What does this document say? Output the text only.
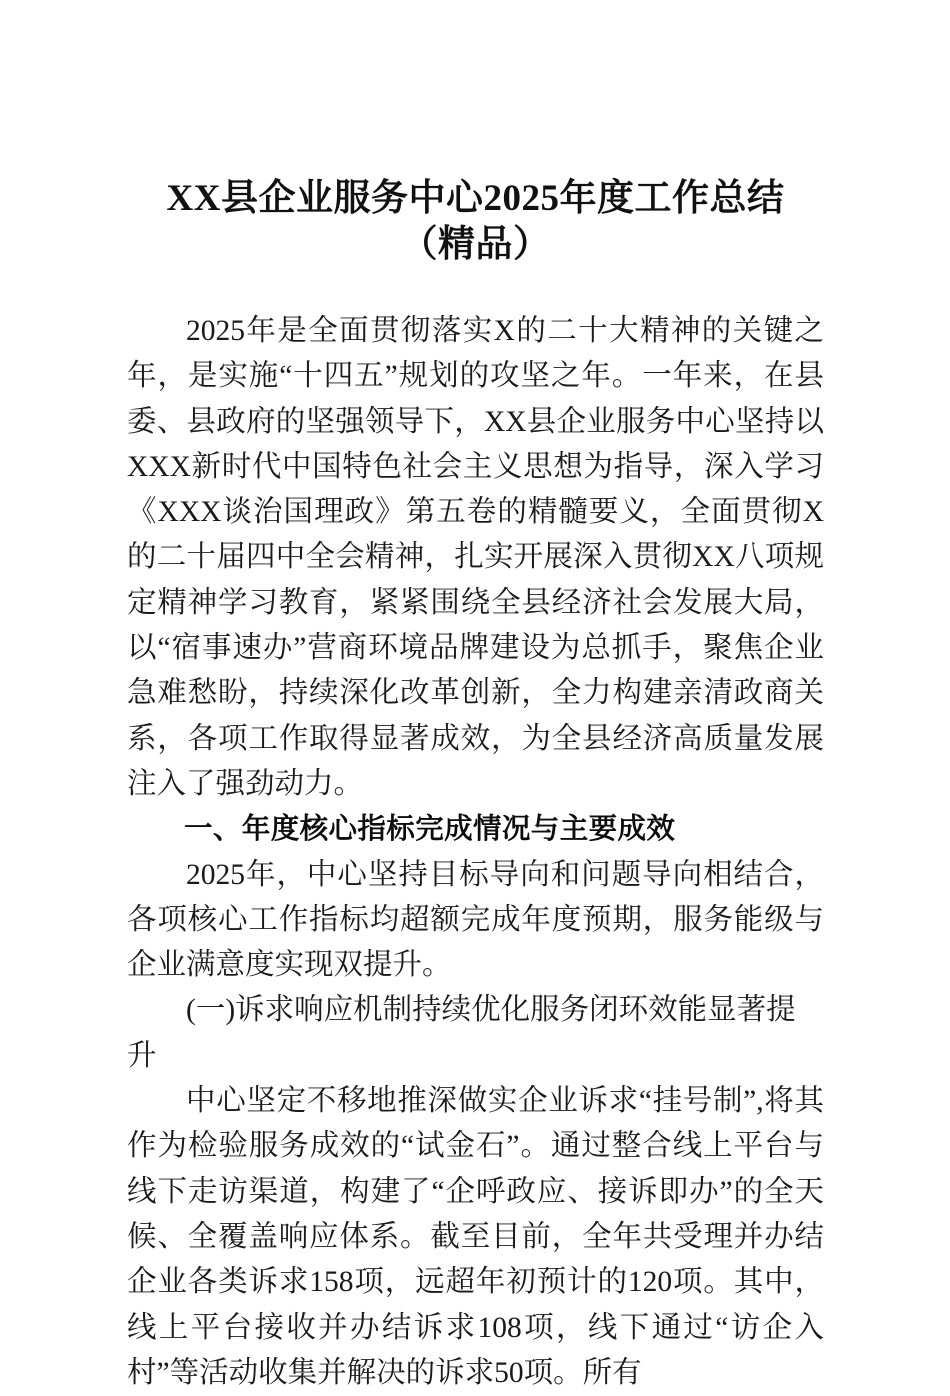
XX县企业服务中心2025年度工作总结
（精品）

2025年是全面贯彻落实X的二十大精神的关键之年，是实施“十四五”规划的攻坚之年。一年来，在县委、县政府的坚强领导下，XX县企业服务中心坚持以XXX新时代中国特色社会主义思想为指导，深入学习《XXX谈治国理政》第五卷的精髓要义，全面贯彻X的二十届四中全会精神，扎实开展深入贯彻XX八项规定精神学习教育，紧紧围绕全县经济社会发展大局，以“宿事速办”营商环境品牌建设为总抓手，聚焦企业急难愁盼，持续深化改革创新，全力构建亲清政商关系，各项工作取得显著成效，为全县经济高质量发展注入了强劲动力。

一、年度核心指标完成情况与主要成效

2025年，中心坚持目标导向和问题导向相结合，各项核心工作指标均超额完成年度预期，服务能级与企业满意度实现双提升。

(一)诉求响应机制持续优化服务闭环效能显著提升

中心坚定不移地推深做实企业诉求“挂号制”,将其作为检验服务成效的“试金石”。通过整合线上平台与线下走访渠道，构建了“企呼政应、接诉即办”的全天候、全覆盖响应体系。截至目前，全年共受理并办结企业各类诉求158项，远超年初预计的120项。其中，线上平台接收并办结诉求108项，线下通过“访企入村”等活动收集并解决的诉求50项。所有
